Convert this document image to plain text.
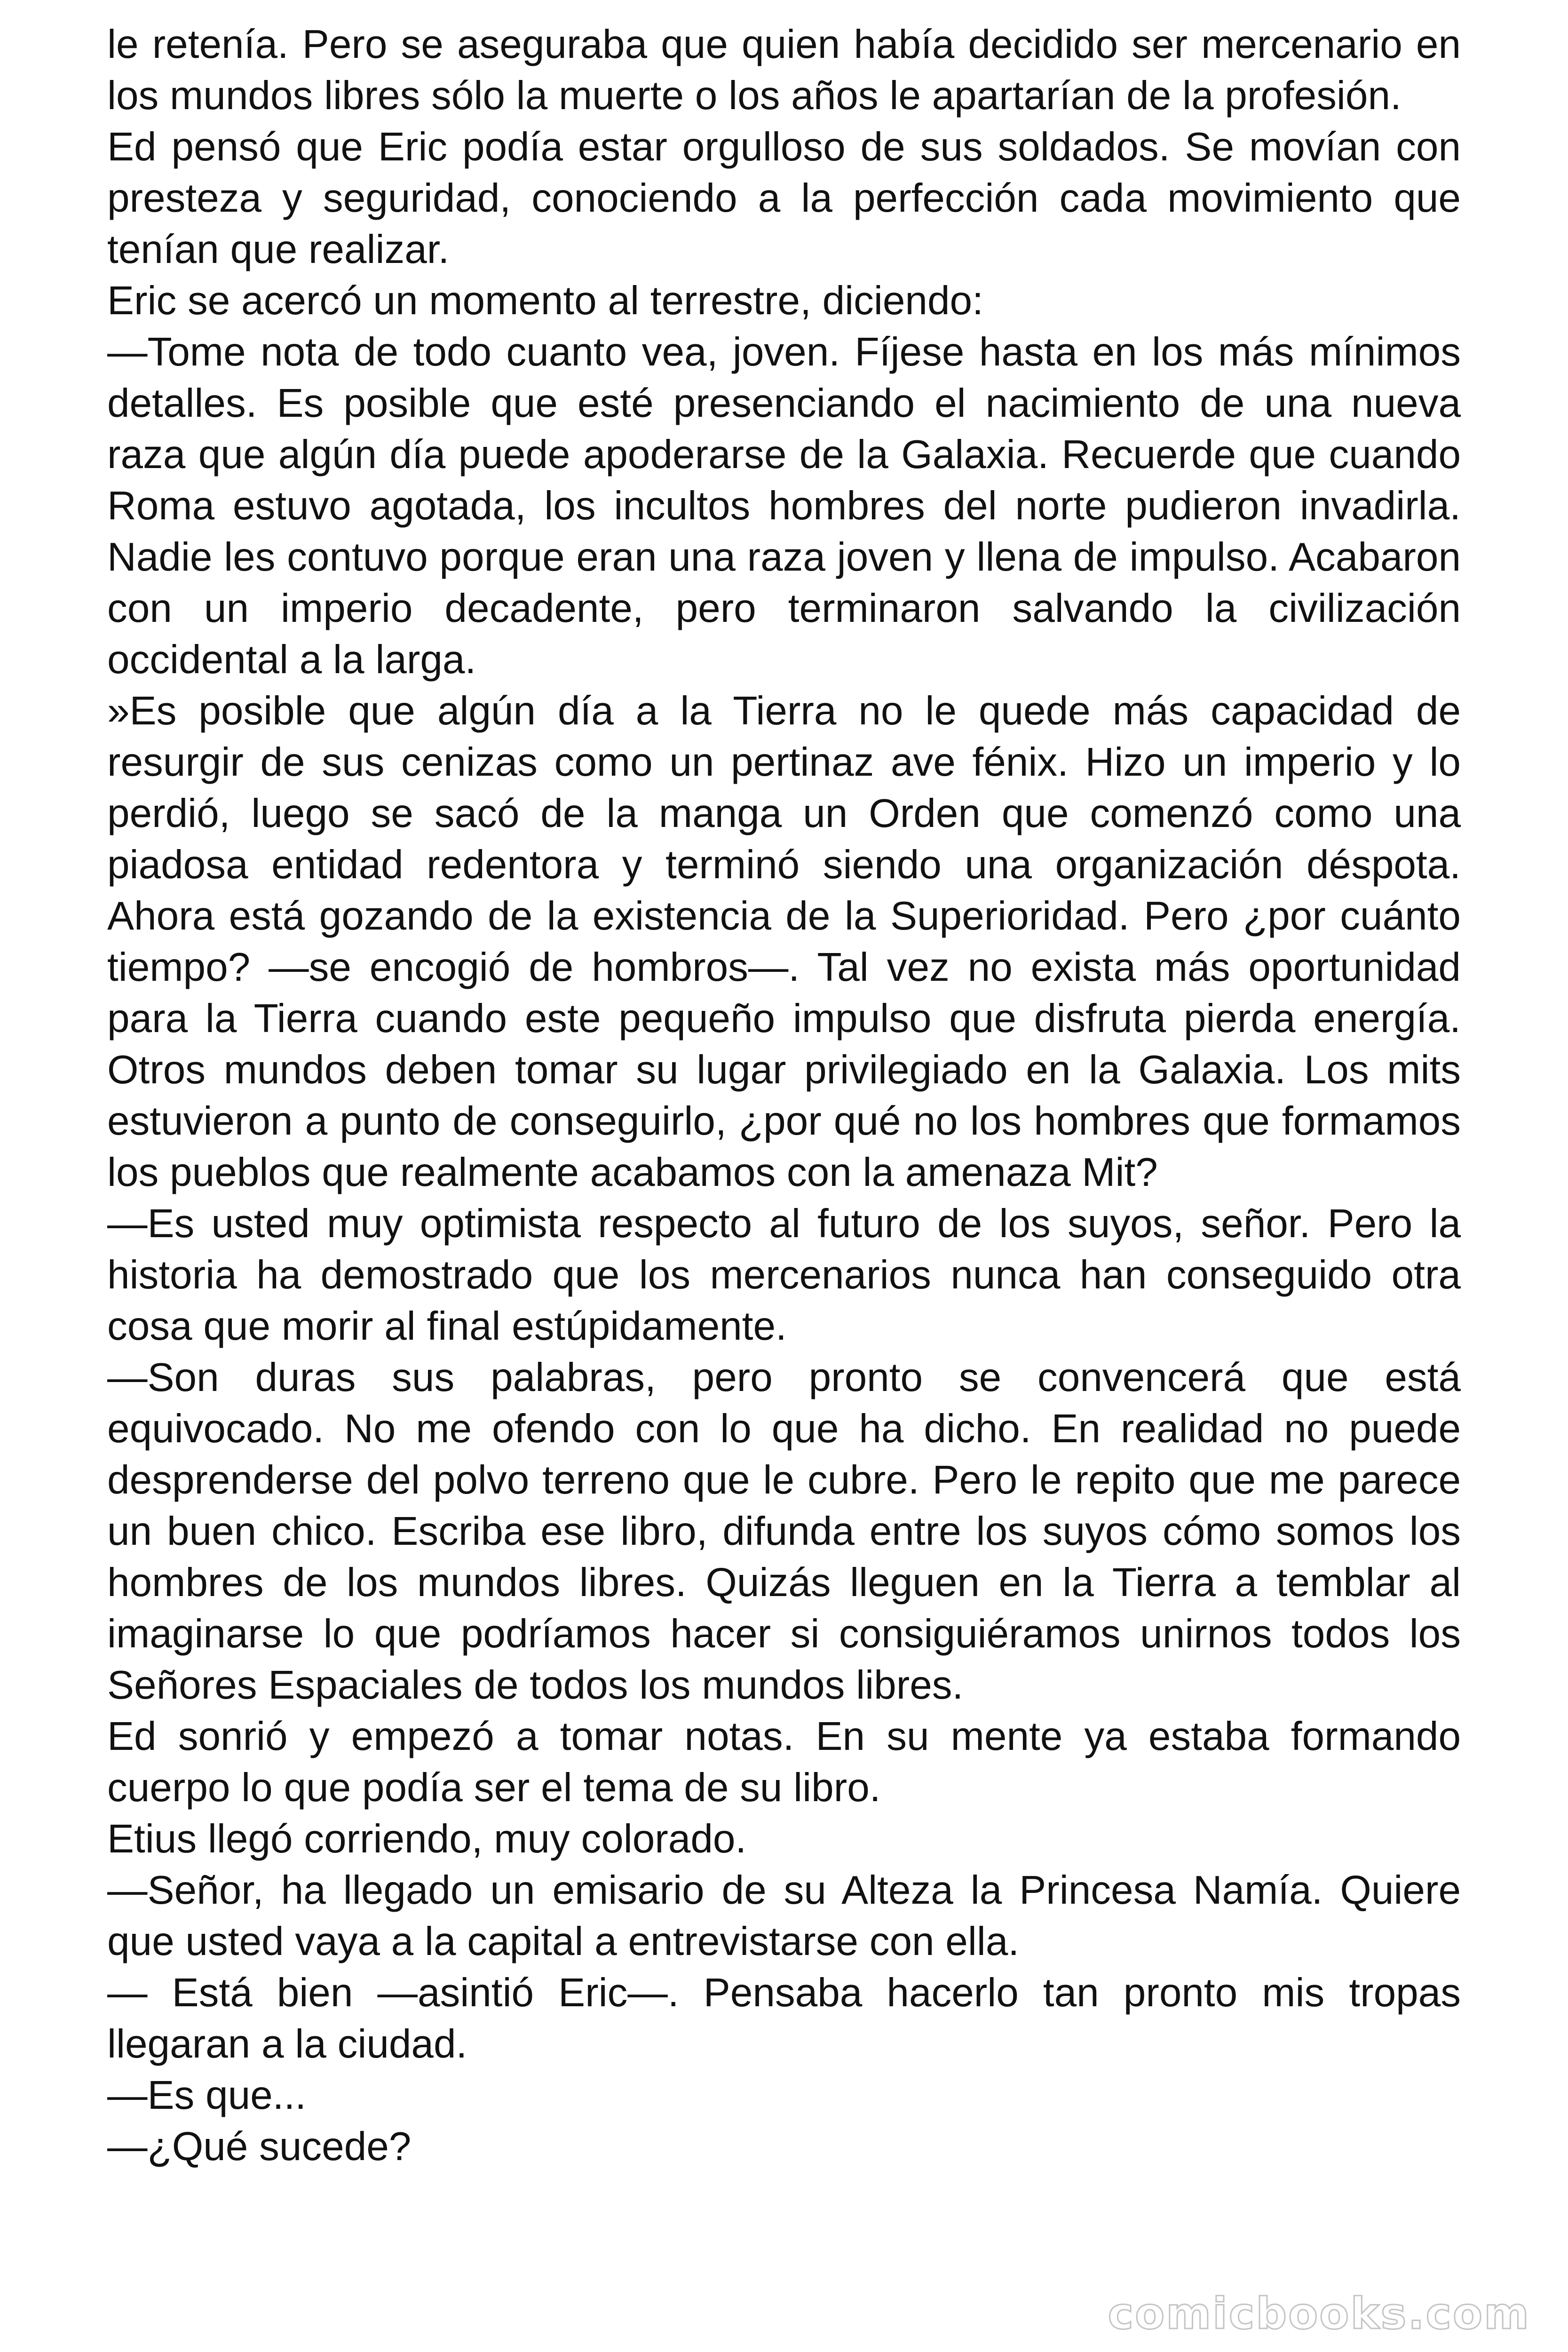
le retenía. Pero se aseguraba que quien había decidido ser mercenario en los mundos libres sólo la muerte o los años le apartarían de la profesión.

Ed pensó que Eric podía estar orgulloso de sus soldados. Se movían con presteza y seguridad, conociendo a la perfección cada movimiento que tenían que realizar.

Eric se acercó un momento al terrestre, diciendo:

—Tome nota de todo cuanto vea, joven. Fíjese hasta en los más mínimos detalles. Es posible que esté presenciando el nacimiento de una nueva raza que algún día puede apoderarse de la Galaxia. Recuerde que cuando Roma estuvo agotada, los incultos hombres del norte pudieron invadirla. Nadie les contuvo porque eran una raza joven y llena de impulso. Acabaron con un imperio decadente, pero terminaron salvando la civilización occidental a la larga.

»Es posible que algún día a la Tierra no le quede más capacidad de resurgir de sus cenizas como un pertinaz ave fénix. Hizo un imperio y lo perdió, luego se sacó de la manga un Orden que comenzó como una piadosa entidad redentora y terminó siendo una organización déspota. Ahora está gozando de la existencia de la Superioridad. Pero ¿por cuánto tiempo? —se encogió de hombros—. Tal vez no exista más oportunidad para la Tierra cuando este pequeño impulso que disfruta pierda energía. Otros mundos deben tomar su lugar privilegiado en la Galaxia. Los mits estuvieron a punto de conseguirlo, ¿por qué no los hombres que formamos los pueblos que realmente acabamos con la amenaza Mit?

—Es usted muy optimista respecto al futuro de los suyos, señor. Pero la historia ha demostrado que los mercenarios nunca han conseguido otra cosa que morir al final estúpidamente.

—Son duras sus palabras, pero pronto se convencerá que está equivocado. No me ofendo con lo que ha dicho. En realidad no puede desprenderse del polvo terreno que le cubre. Pero le repito que me parece un buen chico. Escriba ese libro, difunda entre los suyos cómo somos los hombres de los mundos libres. Quizás lleguen en la Tierra a temblar al imaginarse lo que podríamos hacer si consiguiéramos unirnos todos los Señores Espaciales de todos los mundos libres.

Ed sonrió y empezó a tomar notas. En su mente ya estaba formando cuerpo lo que podía ser el tema de su libro.

Etius llegó corriendo, muy colorado.

—Señor, ha llegado un emisario de su Alteza la Princesa Namía. Quiere que usted vaya a la capital a entrevistarse con ella.

— Está bien —asintió Eric—. Pensaba hacerlo tan pronto mis tropas llegaran a la ciudad.

—Es que...

—¿Qué sucede?

comicbooks.com
